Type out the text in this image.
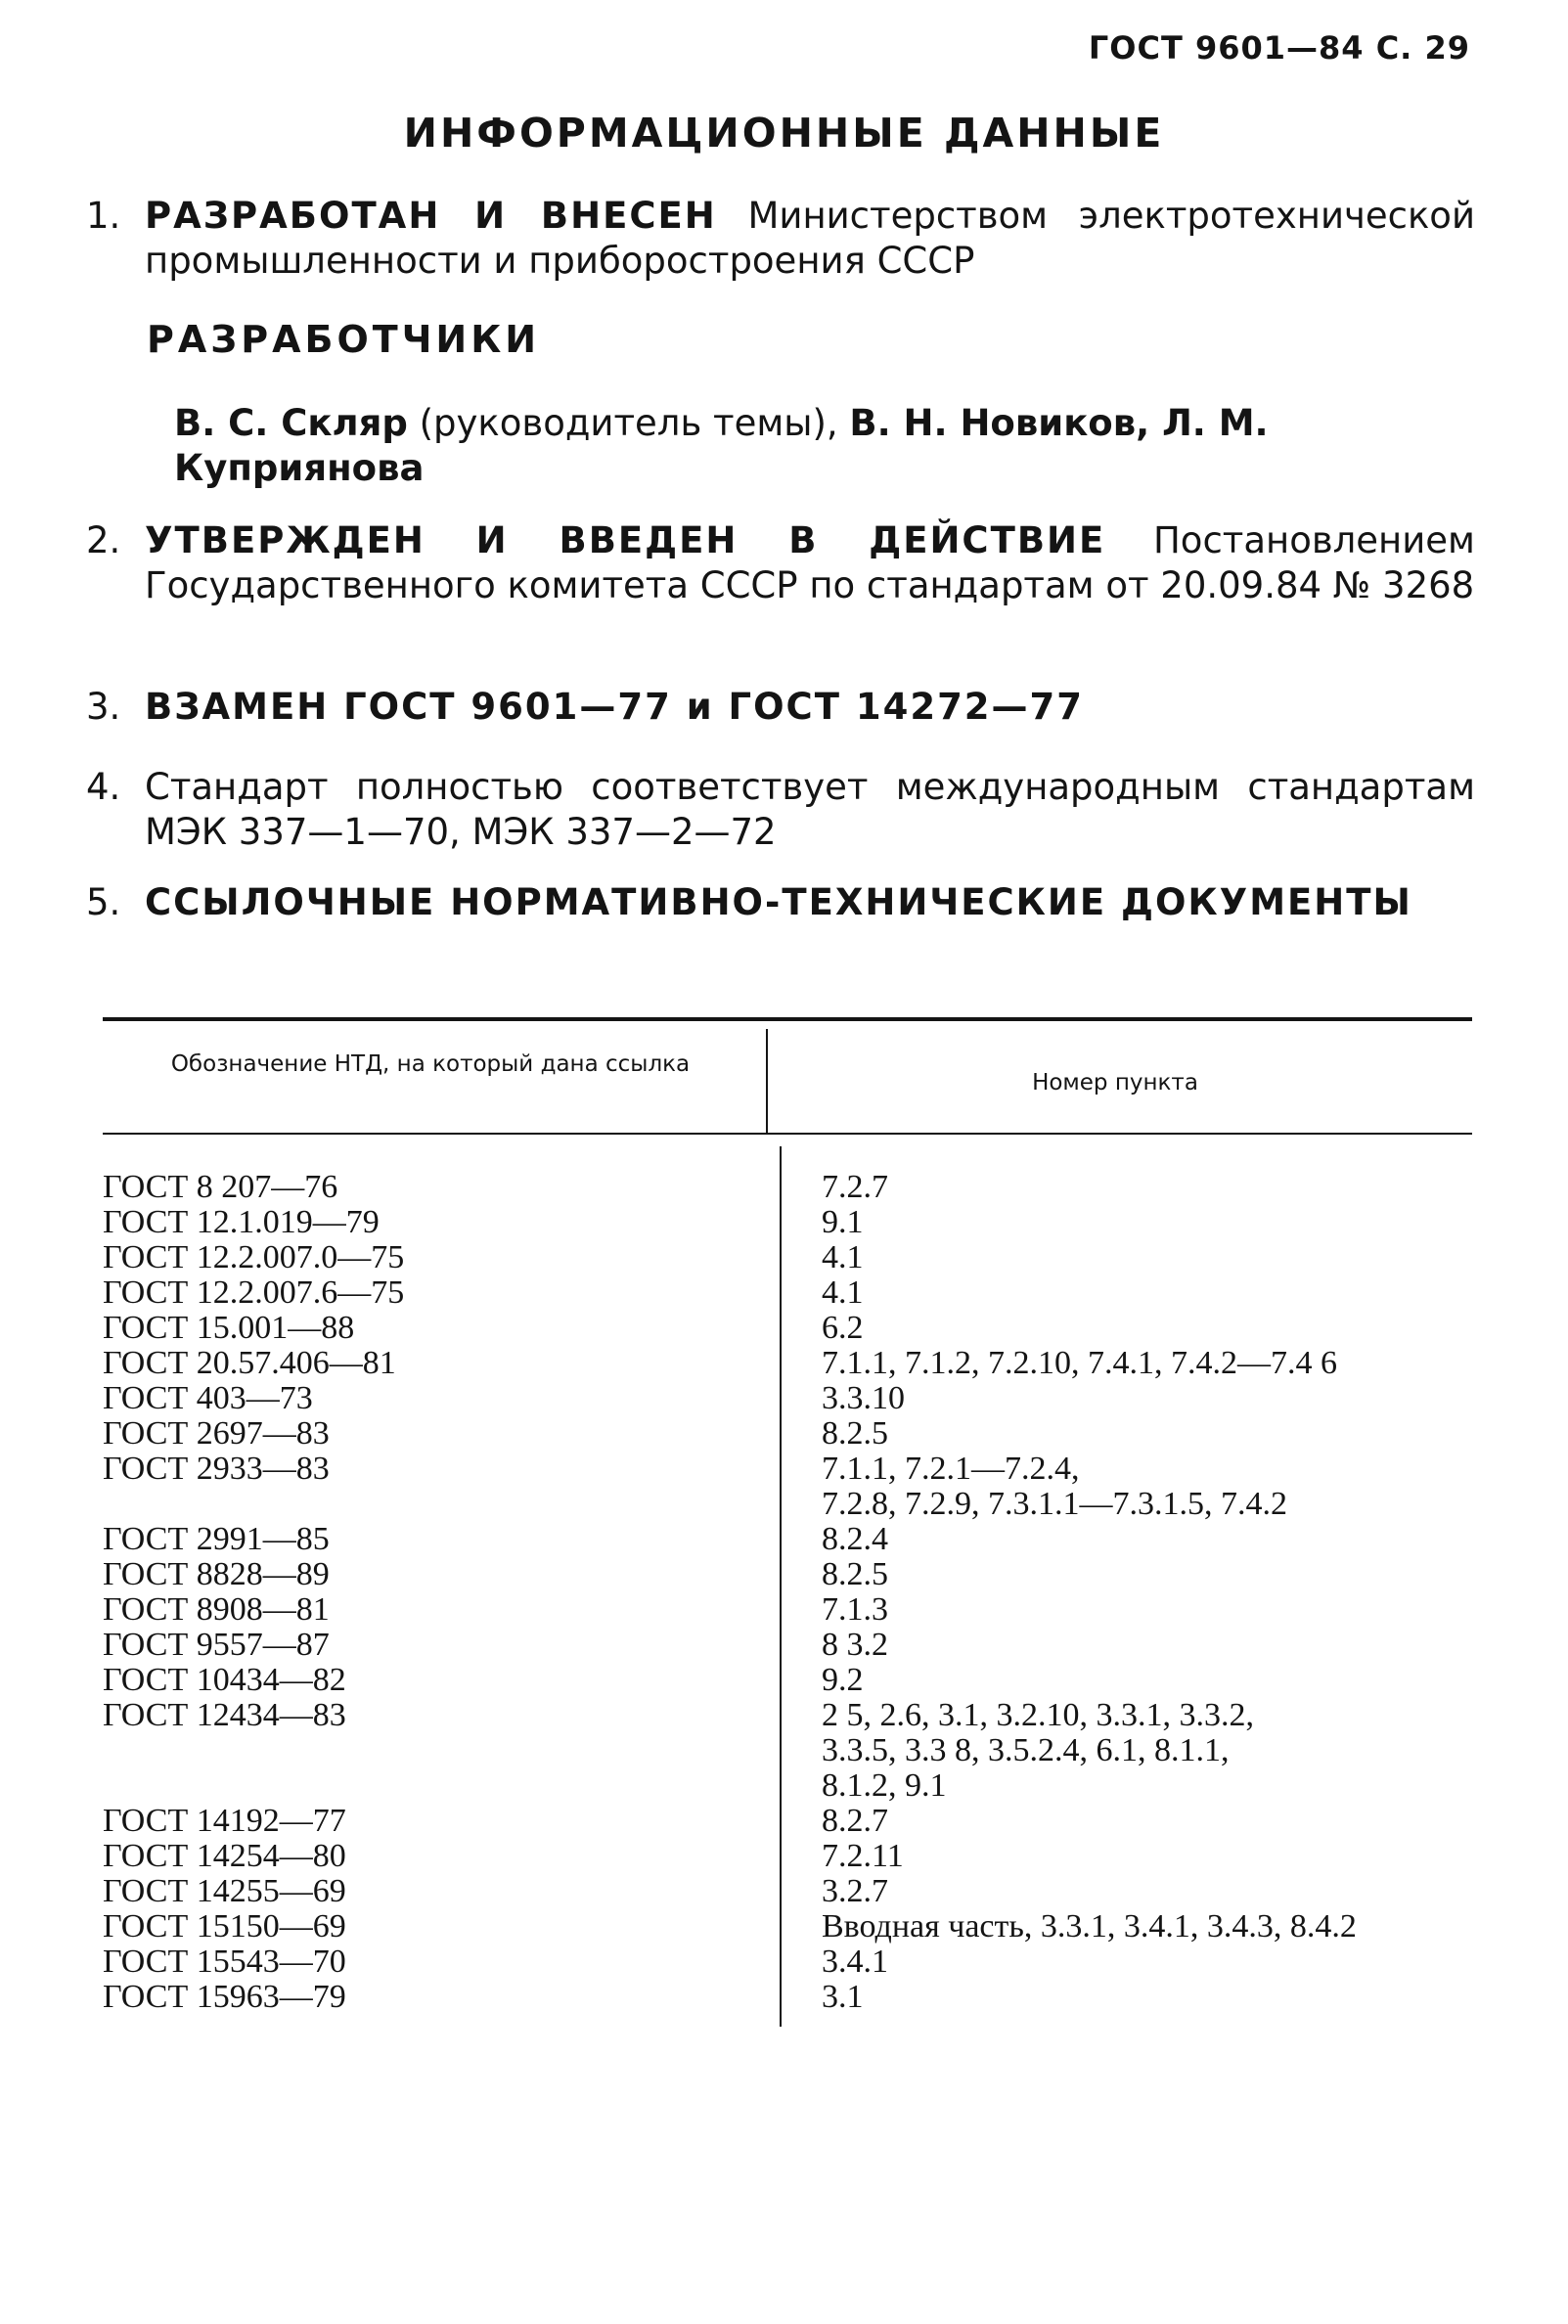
ГОСТ 9601—84 С. 29
ИНФОРМАЦИОННЫЕ ДАННЫЕ
1. РАЗРАБОТАН И ВНЕСЕН Министерством электротехнической промышленности и приборостроения СССР
РАЗРАБОТЧИКИ
В. С. Скляр (руководитель темы), В. Н. Новиков, Л. М. Куприянова
2. УТВЕРЖДЕН И ВВЕДЕН В ДЕЙСТВИЕ Постановлением Государственного комитета СССР по стандартам от 20.09.84 № 3268
3. ВЗАМЕН ГОСТ 9601—77 и ГОСТ 14272—77
4. Стандарт полностью соответствует международным стандартам МЭК 337—1—70, МЭК 337—2—72
5. ССЫЛОЧНЫЕ НОРМАТИВНО-ТЕХНИЧЕСКИЕ ДОКУМЕНТЫ
Обозначение НТД, на который дана ссылка
Номер пункта
ГОСТ 8 207—76	7.2.7
ГОСТ 12.1.019—79	9.1
ГОСТ 12.2.007.0—75	4.1
ГОСТ 12.2.007.6—75	4.1
ГОСТ 15.001—88	6.2
ГОСТ 20.57.406—81	7.1.1, 7.1.2, 7.2.10, 7.4.1, 7.4.2—7.4 6
ГОСТ 403—73	3.3.10
ГОСТ 2697—83	8.2.5
ГОСТ 2933—83	7.1.1, 7.2.1—7.2.4,
7.2.8, 7.2.9, 7.3.1.1—7.3.1.5, 7.4.2
ГОСТ 2991—85	8.2.4
ГОСТ 8828—89	8.2.5
ГОСТ 8908—81	7.1.3
ГОСТ 9557—87	8 3.2
ГОСТ 10434—82	9.2
ГОСТ 12434—83	2 5, 2.6, 3.1, 3.2.10, 3.3.1, 3.3.2,
3.3.5, 3.3 8, 3.5.2.4, 6.1, 8.1.1,
8.1.2, 9.1
ГОСТ 14192—77	8.2.7
ГОСТ 14254—80	7.2.11
ГОСТ 14255—69	3.2.7
ГОСТ 15150—69	Вводная часть, 3.3.1, 3.4.1, 3.4.3, 8.4.2
ГОСТ 15543—70	3.4.1
ГОСТ 15963—79	3.1
